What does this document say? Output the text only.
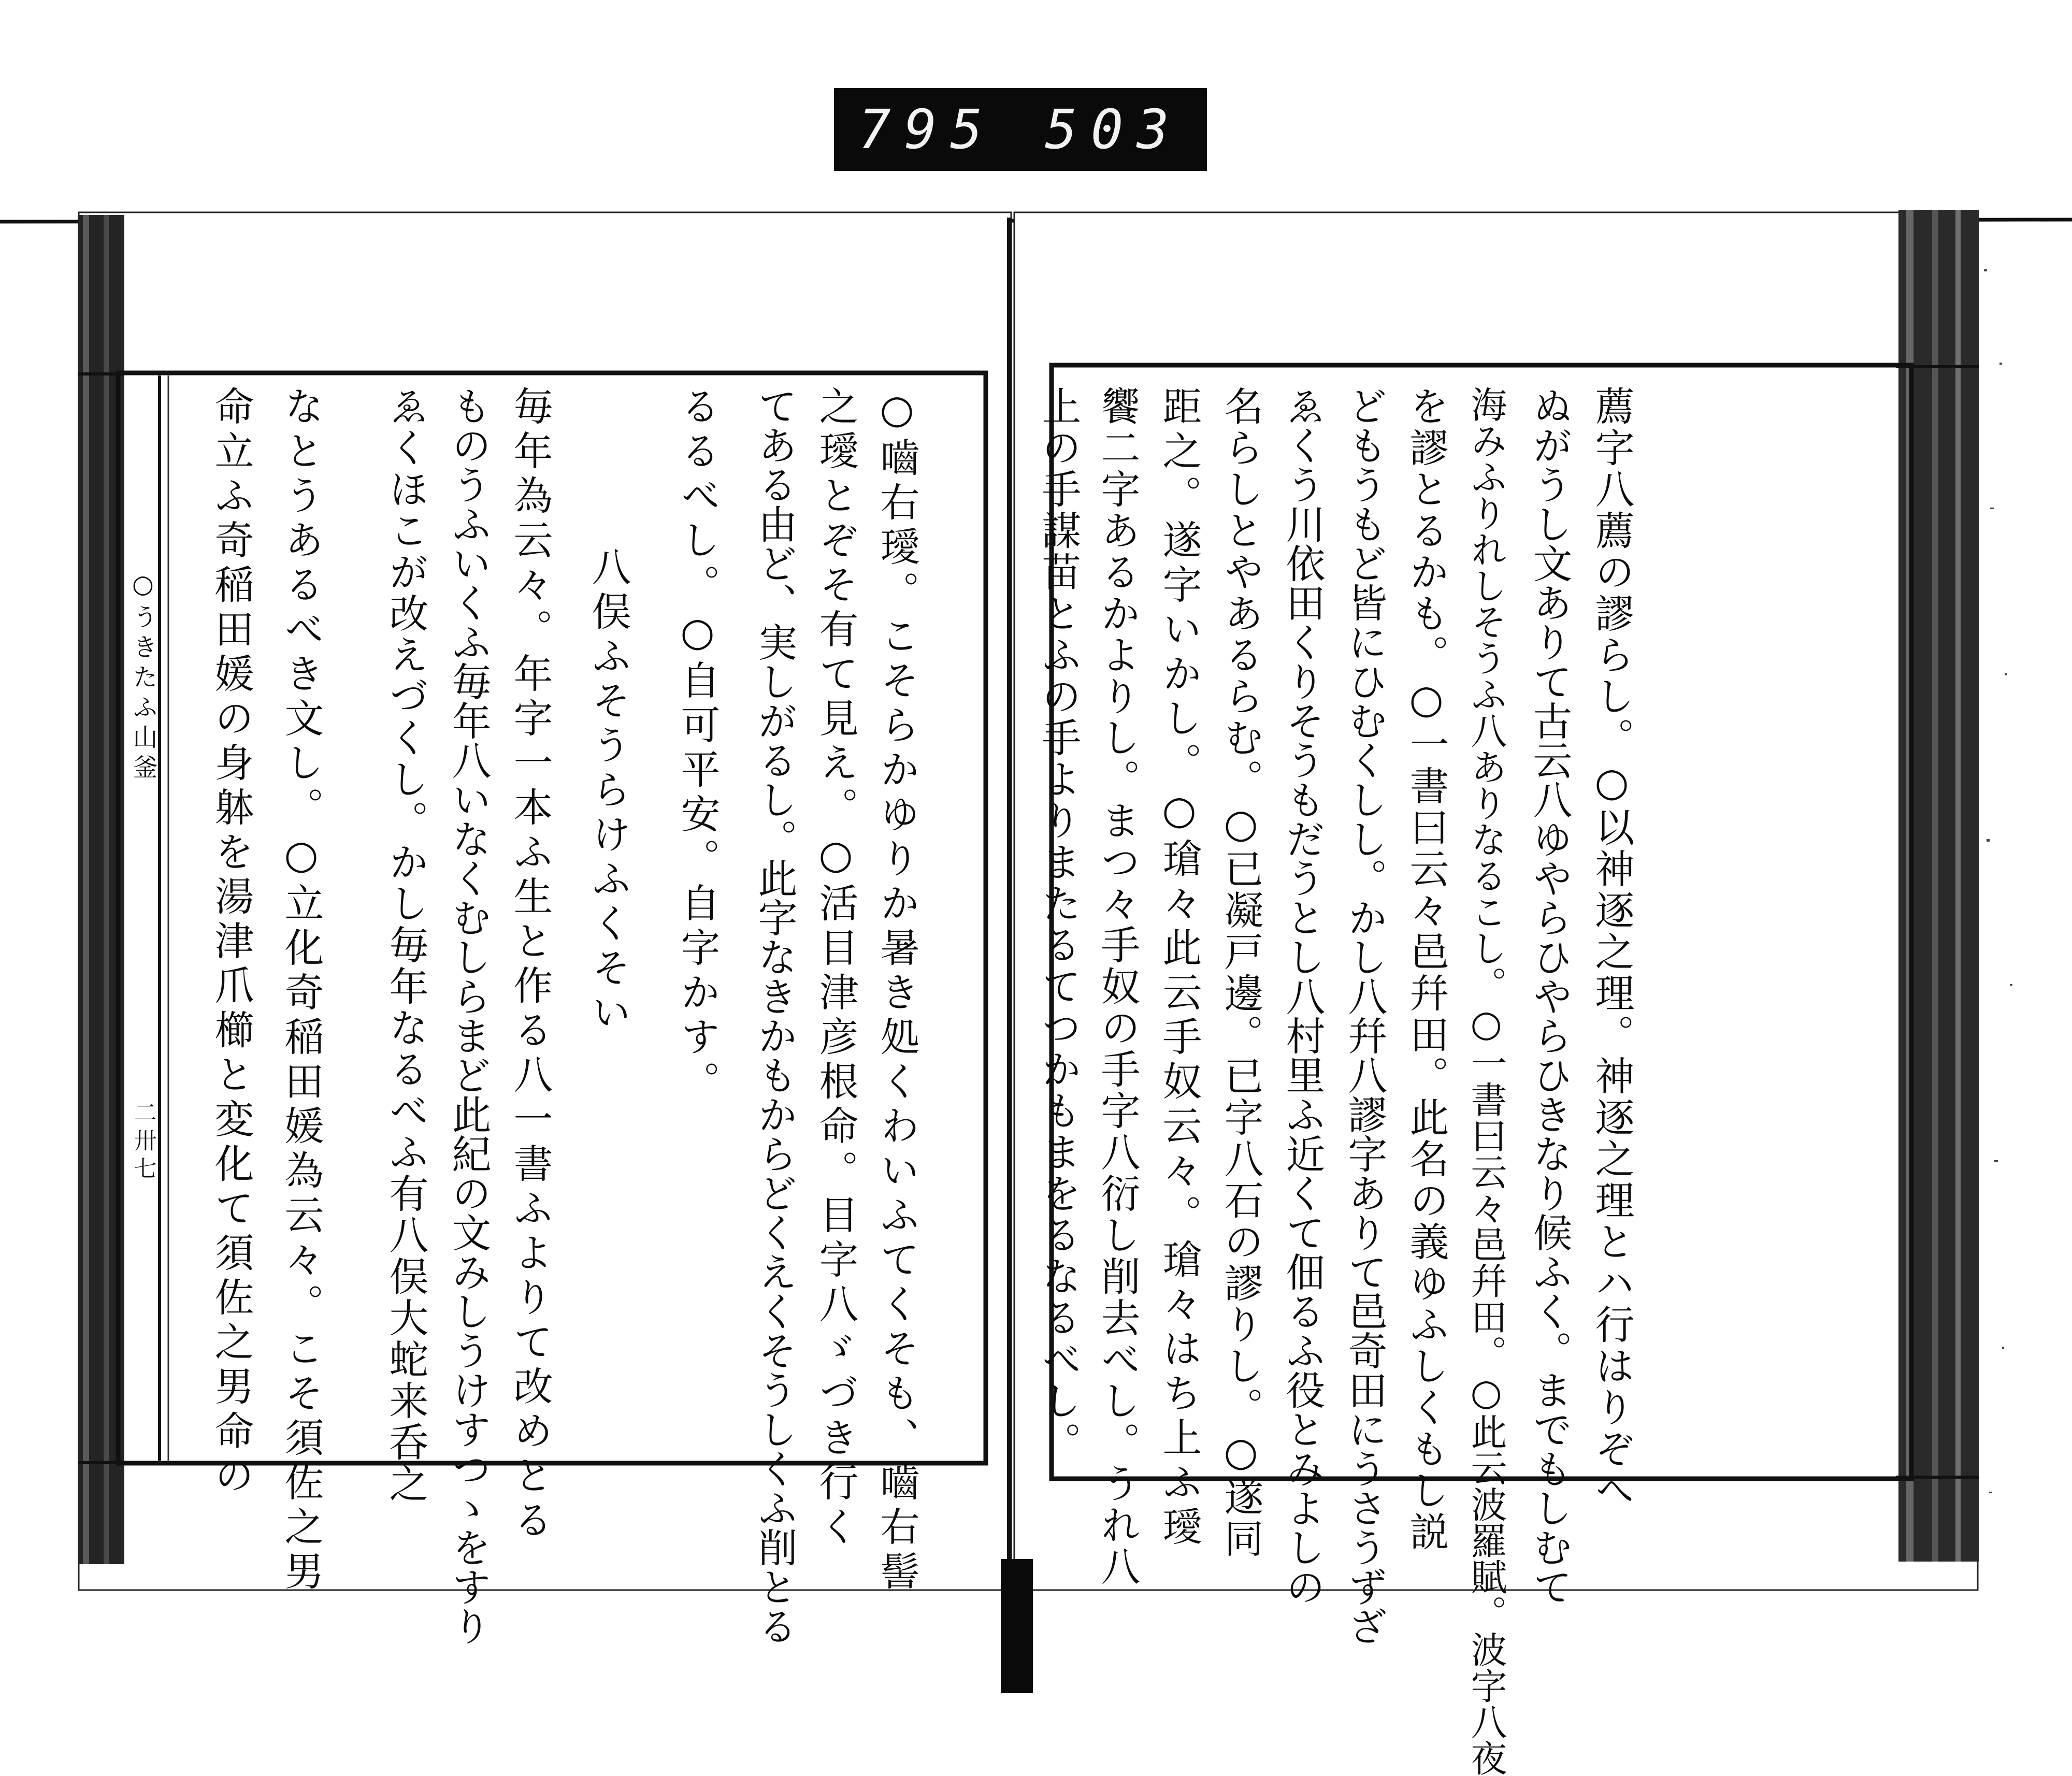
795 503
○うきたふ山釜
二卅七	○嚙右璦。こそらかゆりか暑き処くわいふてくそも、嚙右髻
之璦とぞそ有て見え。○活目津彦根命。目字八ゞづき行く
てある由ど、実しがるし。此字なきかもからどくえくそうしくふ削とる
るるべし。○自可平安。自字かす。
八俣ふそうらけふくそい
毎年為云々。年字一本ふ生と作る八一書ふよりて改めとる
ものうふいくふ毎年八いなくむしらまど此紀の文みしうけすつゝをすり
ゑくほこが改えづくし。かし毎年なるべふ有八俣大蛇来呑之
なとうあるべき文し。○立化奇稲田媛為云々。こそ須佐之男
命立ふ奇稲田媛の身躰を湯津爪櫛と変化て須佐之男命の	薦字八薦の謬らし。○以神逐之理。神逐之理とハ行はりぞへ
ぬがうし文ありて古云八ゆやらひやらひきなり候ふく。までもしむて
海みふりれしそうふ八ありなるこし。○一書曰云々邑幷田。○此云波羅賦。波字八夜
を謬とるかも。○一書曰云々邑幷田。此名の義ゆふしくもし説
どもうもど皆にひむくしし。かし八幷八謬字ありて邑奇田にうさうずざ
ゑくう川依田くりそうもだうとし八村里ふ近くて佃るふ役とみよしの
名らしとやあるらむ。○已凝戸邊。已字八石の謬りし。○遂同
距之。遂字いかし。○瑲々此云手奴云々。瑲々はち上ふ璦
饗二字あるかよりし。まつ々手奴の手字八衍し削去べし。うれ八
上の手謀苗とふの手よりまたるてつかもまをるなるべし。
